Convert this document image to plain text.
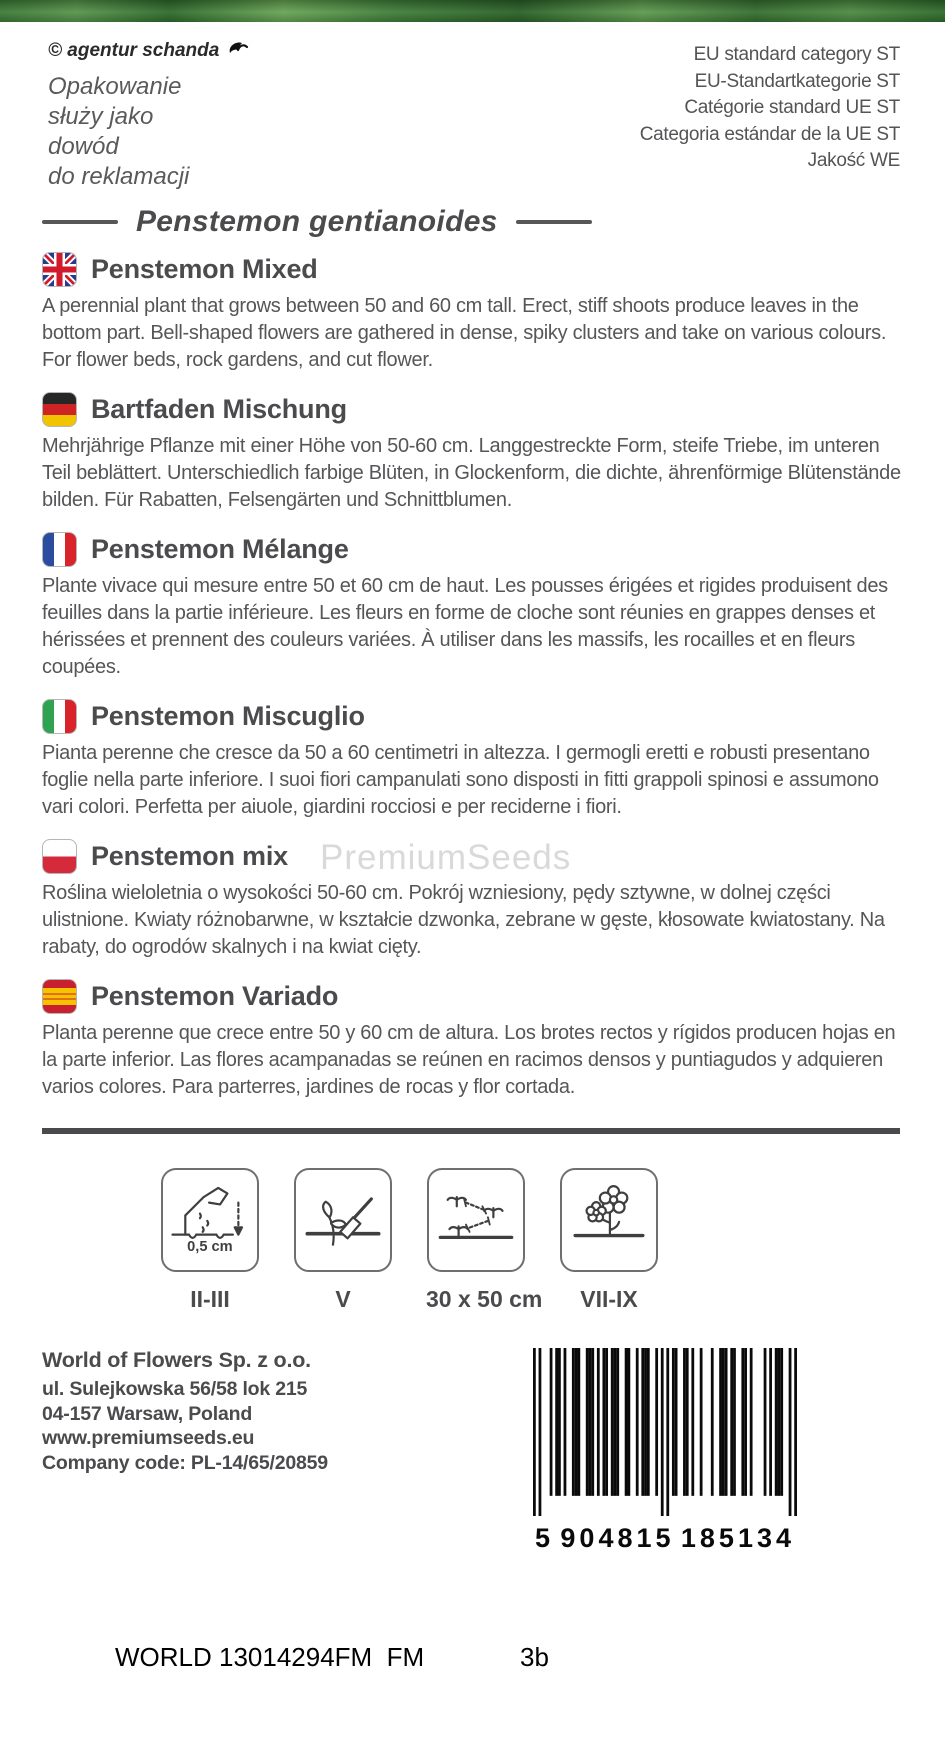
© agentur schanda
Opakowanie
służy jako
dowód
do reklamacji
EU standard category ST
EU-Standartkategorie ST
Catégorie standard UE ST
Categoria estándar de la UE ST
Jakość WE
Penstemon gentianoides
Penstemon Mixed

A perennial plant that grows between 50 and 60 cm tall. Erect, stiff shoots produce leaves in the bottom part. Bell-shaped flowers are gathered in dense, spiky clusters and take on various colours. For flower beds, rock gardens, and cut flower.

Bartfaden Mischung

Mehrjährige Pflanze mit einer Höhe von 50-60 cm. Langgestreckte Form, steife Triebe, im unteren Teil beblättert. Unterschiedlich farbige Blüten, in Glockenform, die dichte, ährenförmige Blütenstände bilden. Für Rabatten, Felsengärten und Schnittblumen.

Penstemon Mélange

Plante vivace qui mesure entre 50 et 60 cm de haut. Les pousses érigées et rigides produisent des feuilles dans la partie inférieure. Les fleurs en forme de cloche sont réunies en grappes denses et hérissées et prennent des couleurs variées. À utiliser dans les massifs, les rocailles et en fleurs coupées.

Penstemon Miscuglio

Pianta perenne che cresce da 50 a 60 centimetri in altezza. I germogli eretti e robusti presentano foglie nella parte inferiore. I suoi fiori campanulati sono disposti in fitti grappoli spinosi e assumono vari colori. Perfetta per aiuole, giardini rocciosi e per reciderne i fiori.

Penstemon mix

Roślina wieloletnia o wysokości 50-60 cm. Pokrój wzniesiony, pędy sztywne, w dolnej części ulistnione. Kwiaty różnobarwne, w kształcie dzwonka, zebrane w gęste, kłosowate kwiatostany. Na rabaty, do ogrodów skalnych i na kwiat cięty.

Penstemon Variado

Planta perenne que crece entre 50 y 60 cm de altura. Los brotes rectos y rígidos producen hojas en la parte inferior. Las flores acampanadas se reúnen en racimos densos y puntiagudos y adquieren varios colores. Para parterres, jardines de rocas y flor cortada.

PremiumSeeds
0,5 cm
II-III	V	30 x 50 cm	VII-IX
World of Flowers Sp. z o.o.
ul. Sulejkowska 56/58 lok 215
04-157 Warsaw, Poland
www.premiumseeds.eu
Company code: PL-14/65/20859
5 904815 185134
WORLD 13014294FM  FM	3b
